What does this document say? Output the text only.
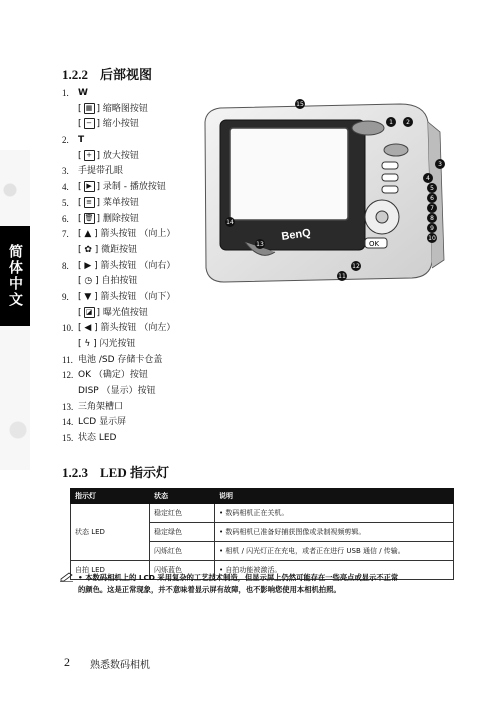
简体中文
1.2.2 后部视图
1.	W
[ ▦ ] 缩略图按钮
[ − ] 缩小按钮
2.	T
[ + ] 放大按钮
3.	手提带孔眼
4.	[ ▶ ] 录制 - 播放按钮
5.	[ ≡ ] 菜单按钮
6.	[ 🗑 ] 删除按钮
7.	[ ▲ ] 箭头按钮 （向上）
[ ✿ ] 微距按钮
8.	[ ▶ ] 箭头按钮 （向右）
[ ◷ ] 自拍按钮
9.	[ ▼ ] 箭头按钮 （向下）
[ ◪ ] 曝光值按钮
10. [ ◀ ] 箭头按钮 （向左）
[ ϟ ] 闪光按钮
11. 电池 /SD 存储卡仓盖
12. OK （确定）按钮
DISP （显示）按钮
13. 三角架槽口
14. LCD 显示屏
15. 状态 LED
BenQ
OK
1 2
3
4
5
6
7
8
9
10
11
12
13
14
15
1.2.3 LED 指示灯
指示灯	状态	说明
状态 LED	稳定红色	• 数码相机正在关机。
	稳定绿色	• 数码相机已准备好捕获图像或录制视频剪辑。
	闪烁红色	• 相机 / 闪光灯正在充电，或者正在进行 USB 通信 / 传输。
自拍 LED	闪烁蓝色	• 自拍功能被激活。
• 本数码相机上的 LCD 采用复杂的工艺技术制造，但显示屏上仍然可能存在一些亮点或显示不正常
的颜色。这是正常现象，并不意味着显示屏有故障，也不影响您使用本相机拍照。
2 熟悉数码相机
